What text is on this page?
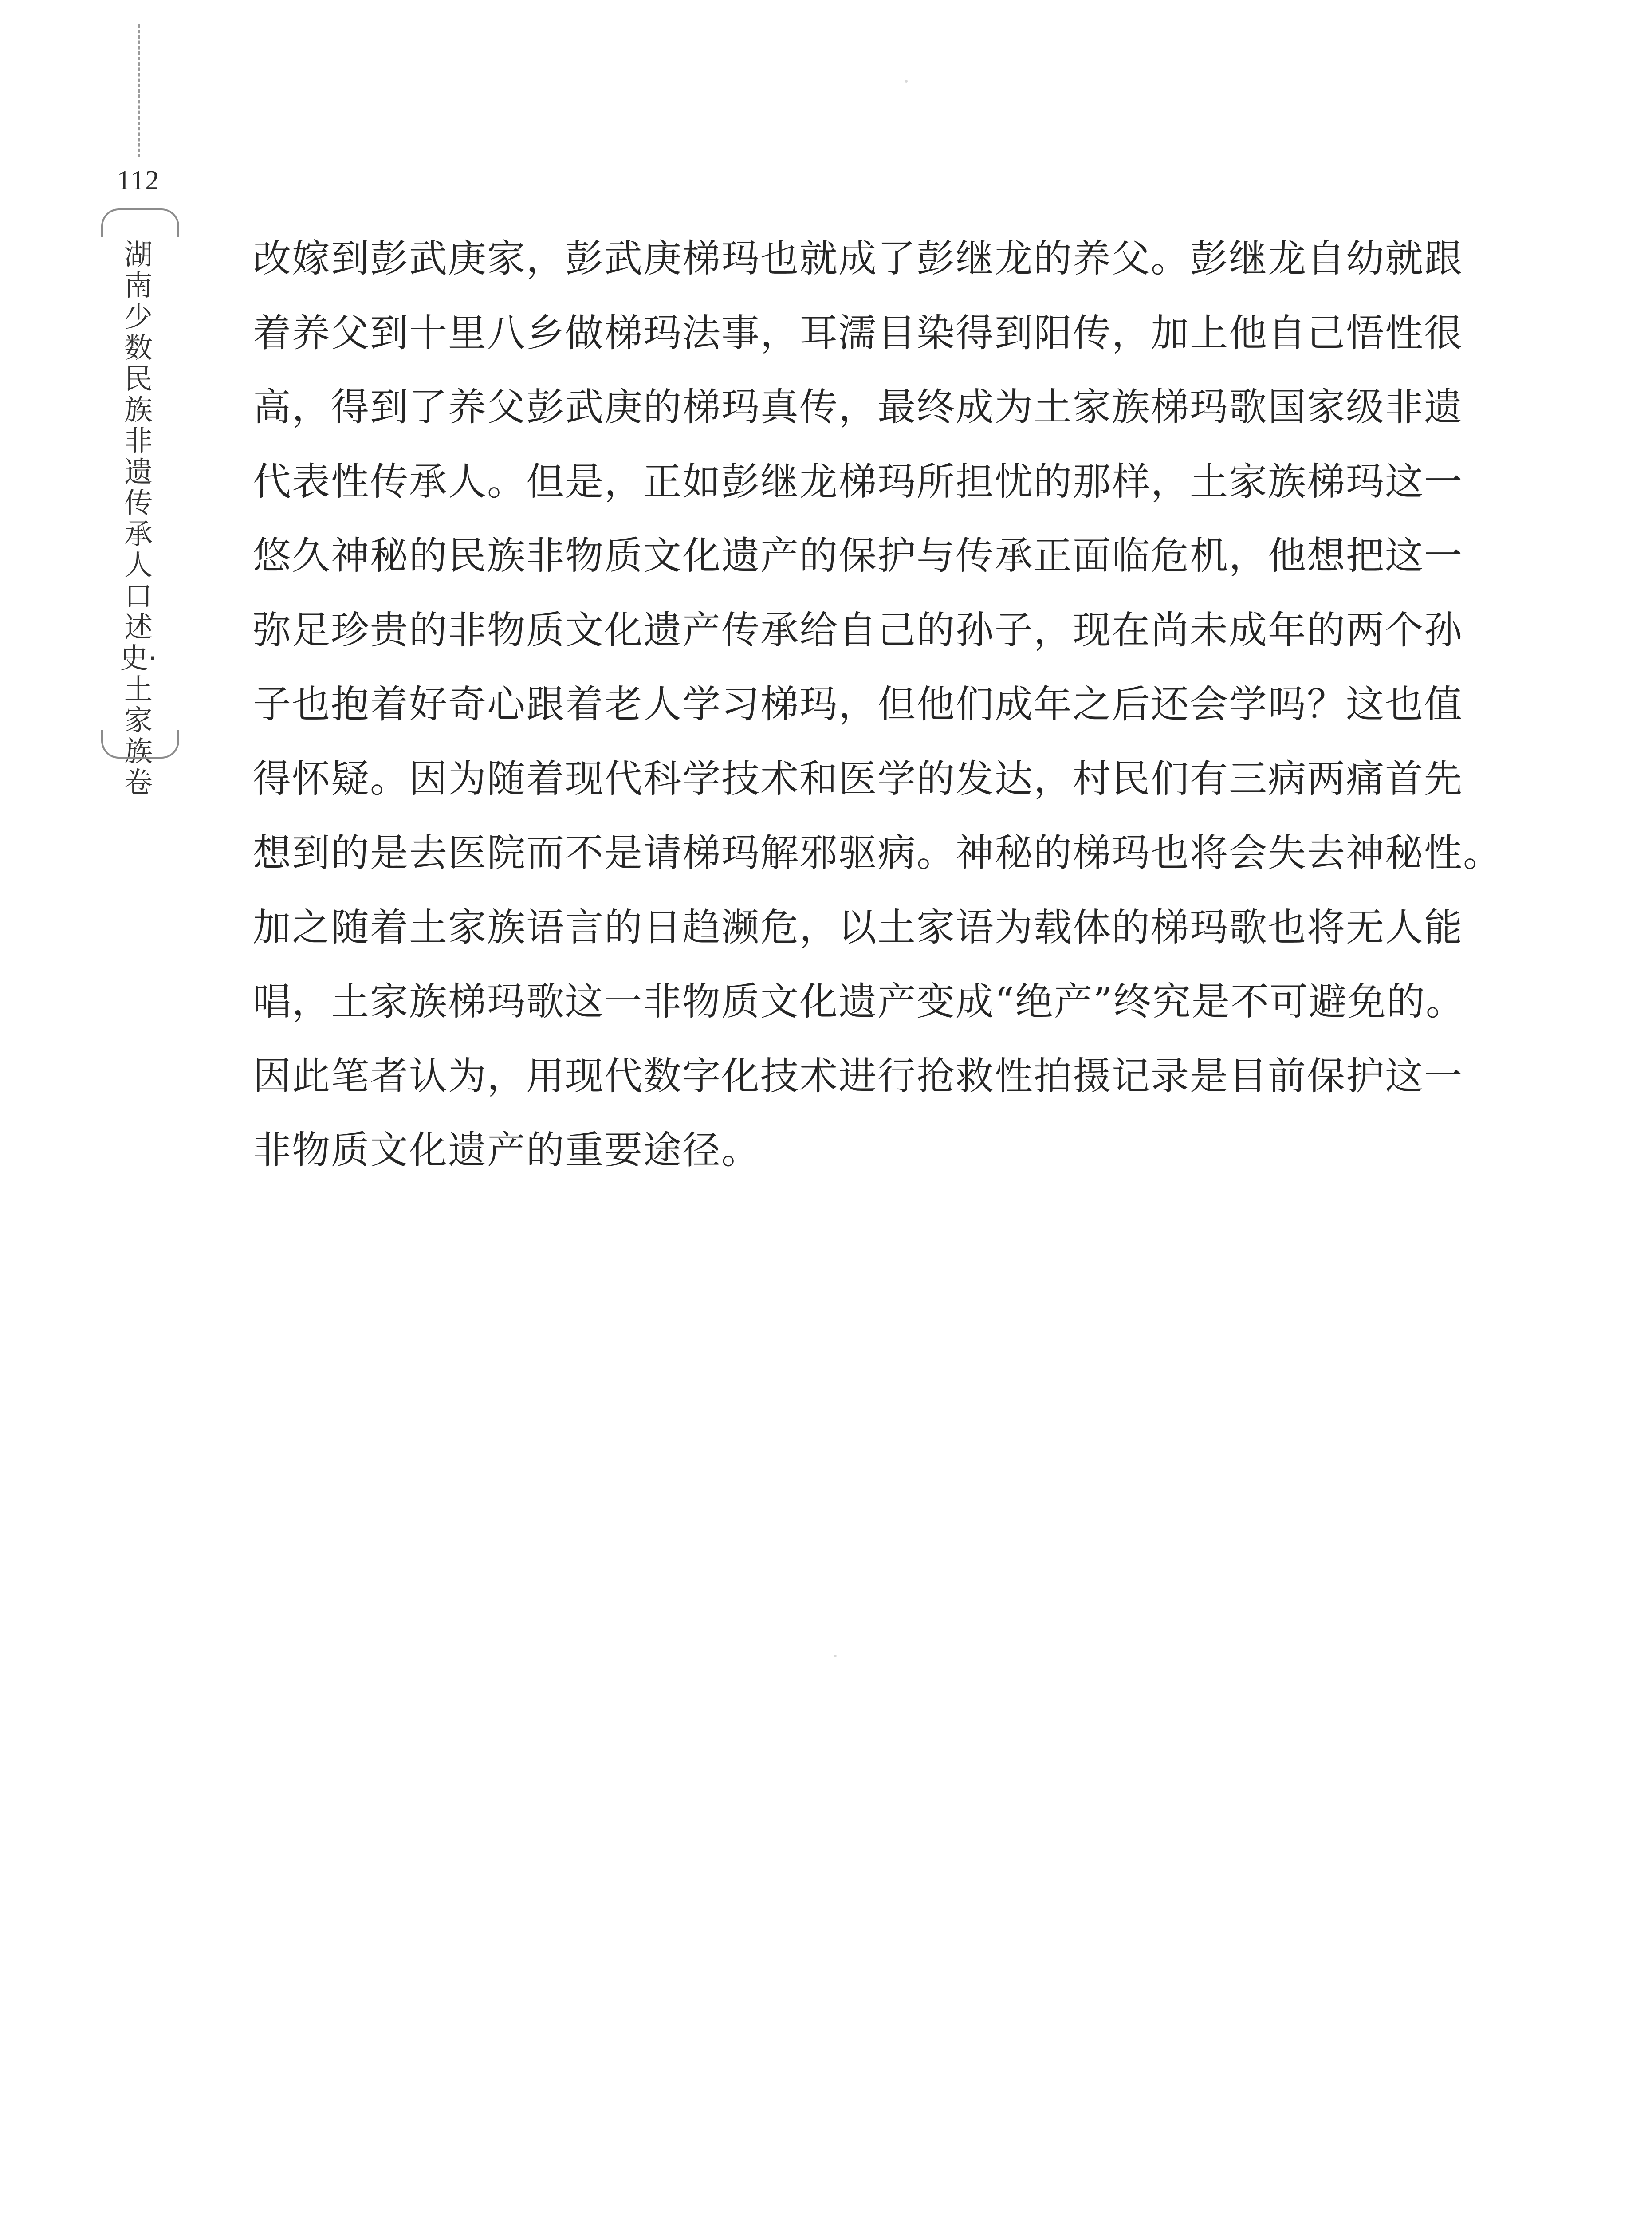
112
湖南少数民族非遗传承人口述史·土家族卷
改嫁到彭武庚家，彭武庚梯玛也就成了彭继龙的养父。彭继龙自幼就跟
着养父到十里八乡做梯玛法事，耳濡目染得到阳传，加上他自己悟性很
高，得到了养父彭武庚的梯玛真传，最终成为土家族梯玛歌国家级非遗
代表性传承人。但是，正如彭继龙梯玛所担忧的那样，土家族梯玛这一
悠久神秘的民族非物质文化遗产的保护与传承正面临危机，他想把这一
弥足珍贵的非物质文化遗产传承给自己的孙子，现在尚未成年的两个孙
子也抱着好奇心跟着老人学习梯玛，但他们成年之后还会学吗？这也值
得怀疑。因为随着现代科学技术和医学的发达，村民们有三病两痛首先
想到的是去医院而不是请梯玛解邪驱病。神秘的梯玛也将会失去神秘性。
加之随着土家族语言的日趋濒危，以土家语为载体的梯玛歌也将无人能
唱，土家族梯玛歌这一非物质文化遗产变成“绝产”终究是不可避免的。
因此笔者认为，用现代数字化技术进行抢救性拍摄记录是目前保护这一
非物质文化遗产的重要途径。
